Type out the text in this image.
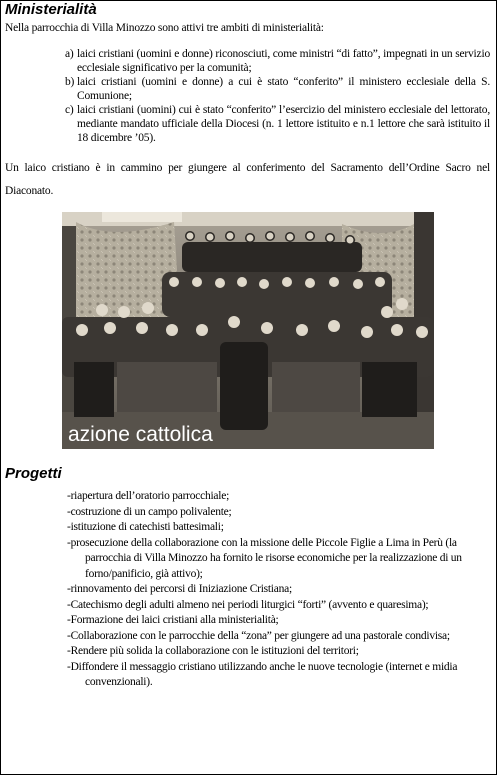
Ministerialità
Nella parrocchia di Villa Minozzo sono attivi tre ambiti di ministerialità:
a) laici cristiani (uomini e donne) riconosciuti, come ministri “di fatto”, impegnati in un servizio ecclesiale significativo per la comunità;
b) laici cristiani (uomini e donne) a cui è stato “conferito” il ministero ecclesiale della S. Comunione;
c) laici cristiani (uomini) cui è stato “conferito” l’esercizio del ministero ecclesiale del lettorato, mediante mandato ufficiale della Diocesi (n. 1 lettore istituito e n.1 lettore che sarà istituito il 18 dicembre ’05).
Un laico cristiano è in cammino per giungere al conferimento del Sacramento dell’Ordine Sacro nel Diaconato.
azione cattolica
Progetti
-riapertura dell’oratorio parrocchiale;
-costruzione di un campo polivalente;
-istituzione di catechisti battesimali;
-prosecuzione della collaborazione con la missione delle Piccole Figlie a Lima in Perù (la parrocchia di Villa Minozzo ha fornito le risorse economiche per la realizzazione di un forno/panificio, già attivo);
-rinnovamento dei percorsi di Iniziazione Cristiana;
-Catechismo degli adulti almeno nei periodi liturgici “forti” (avvento e quaresima);
-Formazione dei laici cristiani alla ministerialità;
-Collaborazione con le parrocchie della “zona” per giungere ad una pastorale condivisa;
-Rendere più solida la collaborazione con le istituzioni del territori;
-Diffondere il messaggio cristiano utilizzando anche le nuove tecnologie (internet e midia convenzionali).
